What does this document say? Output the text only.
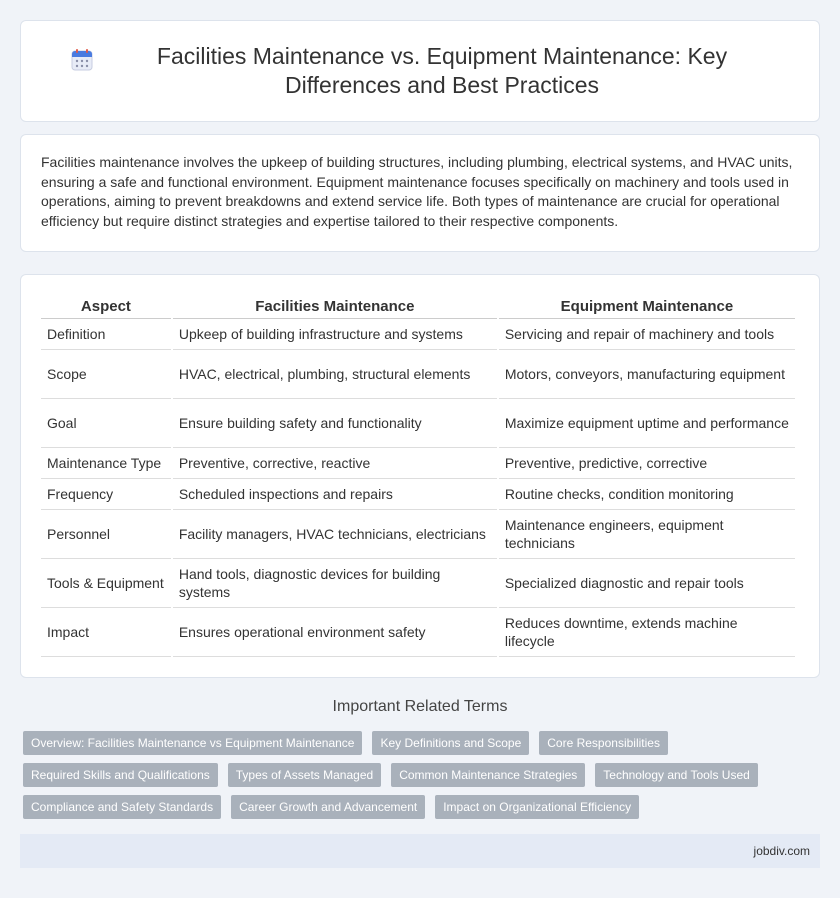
Facilities Maintenance vs. Equipment Maintenance: Key Differences and Best Practices

Facilities maintenance involves the upkeep of building structures, including plumbing, electrical systems, and HVAC units, ensuring a safe and functional environment. Equipment maintenance focuses specifically on machinery and tools used in operations, aiming to prevent breakdowns and extend service life. Both types of maintenance are crucial for operational efficiency but require distinct strategies and expertise tailored to their respective components.

Aspect	Facilities Maintenance	Equipment Maintenance
Definition	Upkeep of building infrastructure and systems	Servicing and repair of machinery and tools
Scope	HVAC, electrical, plumbing, structural elements	Motors, conveyors, manufacturing equipment
Goal	Ensure building safety and functionality	Maximize equipment uptime and performance
Maintenance Type	Preventive, corrective, reactive	Preventive, predictive, corrective
Frequency	Scheduled inspections and repairs	Routine checks, condition monitoring
Personnel	Facility managers, HVAC technicians, electricians	Maintenance engineers, equipment technicians
Tools & Equipment	Hand tools, diagnostic devices for building systems	Specialized diagnostic and repair tools
Impact	Ensures operational environment safety	Reduces downtime, extends machine lifecycle
Important Related Terms
Overview: Facilities Maintenance vs Equipment Maintenance	Key Definitions and Scope	Core Responsibilities
Required Skills and Qualifications	Types of Assets Managed	Common Maintenance Strategies	Technology and Tools Used
Compliance and Safety Standards	Career Growth and Advancement	Impact on Organizational Efficiency
jobdiv.com
